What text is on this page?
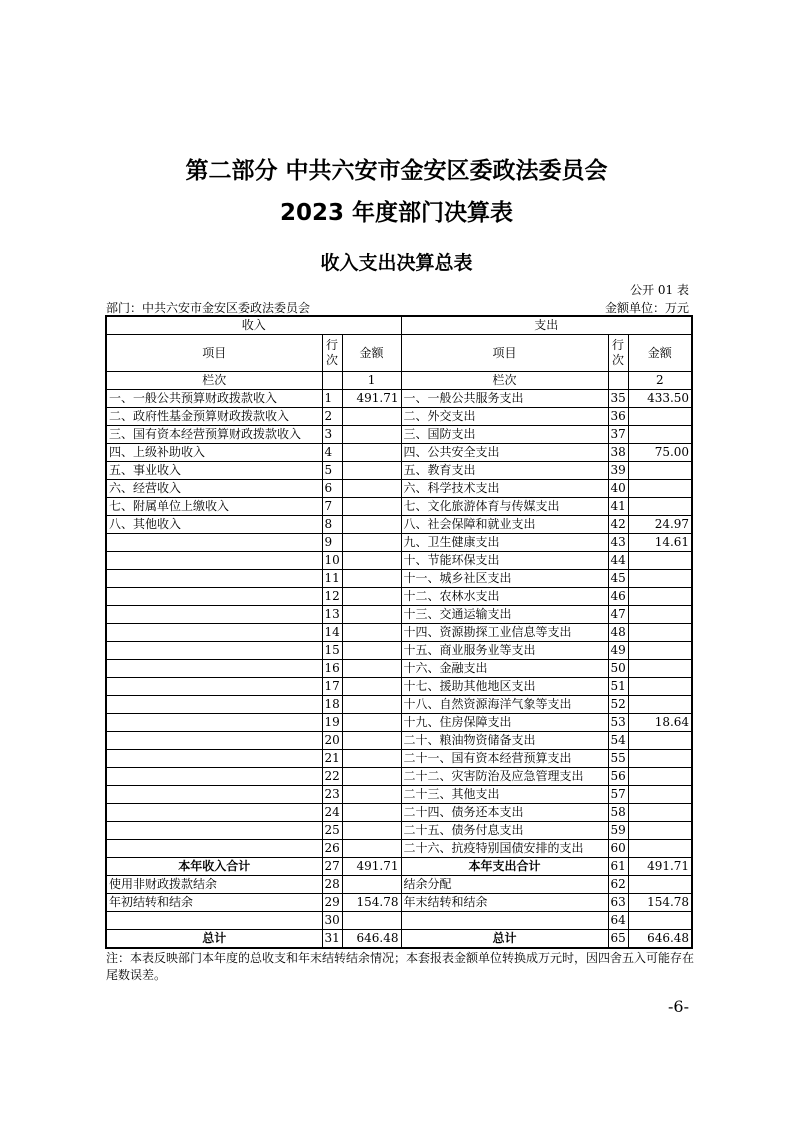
第二部分 中共六安市金安区委政法委员会
2023 年度部门决算表
收入支出决算总表
公开 01 表
部门：中共六安市金安区委政法委员会	金额单位：万元
收入			支出		
项目	行次	金额	项目	行次	金额
栏次		1	栏次		2
一、一般公共预算财政拨款收入	1	491.71	一、一般公共服务支出	35	433.50
二、政府性基金预算财政拨款收入	2		二、外交支出	36	
三、国有资本经营预算财政拨款收入	3		三、国防支出	37	
四、上级补助收入	4		四、公共安全支出	38	75.00
五、事业收入	5		五、教育支出	39	
六、经营收入	6		六、科学技术支出	40	
七、附属单位上缴收入	7		七、文化旅游体育与传媒支出	41	
八、其他收入	8		八、社会保障和就业支出	42	24.97
	9		九、卫生健康支出	43	14.61
	10		十、节能环保支出	44	
	11		十一、城乡社区支出	45	
	12		十二、农林水支出	46	
	13		十三、交通运输支出	47	
	14		十四、资源勘探工业信息等支出	48	
	15		十五、商业服务业等支出	49	
	16		十六、金融支出	50	
	17		十七、援助其他地区支出	51	
	18		十八、自然资源海洋气象等支出	52	
	19		十九、住房保障支出	53	18.64
	20		二十、粮油物资储备支出	54	
	21		二十一、国有资本经营预算支出	55	
	22		二十二、灾害防治及应急管理支出	56	
	23		二十三、其他支出	57	
	24		二十四、债务还本支出	58	
	25		二十五、债务付息支出	59	
	26		二十六、抗疫特别国债安排的支出	60	
本年收入合计	27	491.71	本年支出合计	61	491.71
使用非财政拨款结余	28		结余分配	62	
年初结转和结余	29	154.78	年末结转和结余	63	154.78
	30			64	
总计	31	646.48	总计	65	646.48
注：本表反映部门本年度的总收支和年末结转结余情况；本套报表金额单位转换成万元时，因四舍五入可能存在尾数误差。
-6-
